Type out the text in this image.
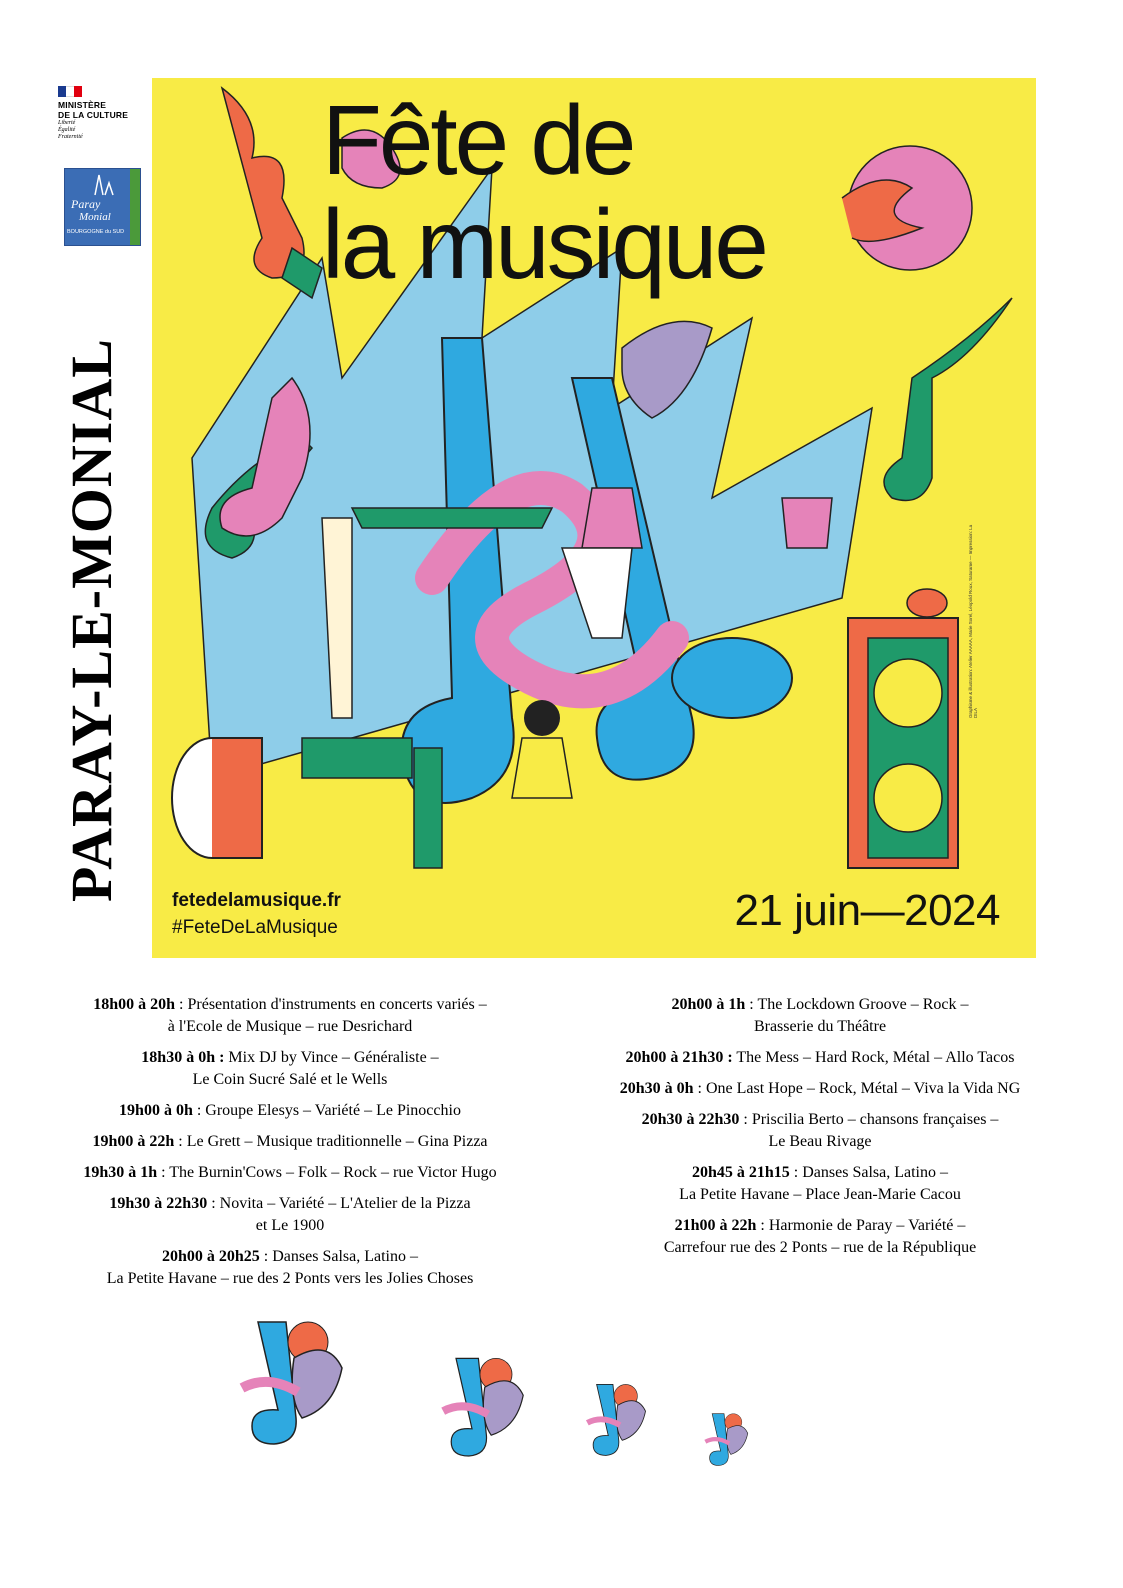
MINISTÈRE
DE LA CULTURE
Liberté
Égalité
Fraternité
Paray
Monial
BOURGOGNE du SUD
PARAY-LE-MONIAL
Fête de
la musique
fetedelamusique.fr
#FeteDeLaMusique	21 juin—2024
Graphisme & illustration: Atelier AAAAA, Marie Sorel, Léopold Roux, Saturame — Impression: La DILA
18h00 à 20h : Présentation d'instruments en concerts variés –
à l'Ecole de Musique – rue Desrichard
18h30 à 0h : Mix DJ by Vince – Généraliste –
Le Coin Sucré Salé et le Wells
19h00 à 0h : Groupe Elesys – Variété – Le Pinocchio
19h00 à 22h : Le Grett – Musique traditionnelle – Gina Pizza
19h30 à 1h : The Burnin'Cows – Folk – Rock – rue Victor Hugo
19h30 à 22h30 : Novita – Variété – L'Atelier de la Pizza
et Le 1900
20h00 à 20h25 : Danses Salsa, Latino –
La Petite Havane – rue des 2 Ponts vers les Jolies Choses
20h00 à 1h : The Lockdown Groove – Rock –
Brasserie du Théâtre
20h00 à 21h30 : The Mess – Hard Rock, Métal – Allo Tacos
20h30 à 0h : One Last Hope – Rock, Métal – Viva la Vida NG
20h30 à 22h30 : Priscilia Berto – chansons françaises –
Le Beau Rivage
20h45 à 21h15 : Danses Salsa, Latino –
La Petite Havane – Place Jean-Marie Cacou
21h00 à 22h : Harmonie de Paray – Variété –
Carrefour rue des 2 Ponts – rue de la République
